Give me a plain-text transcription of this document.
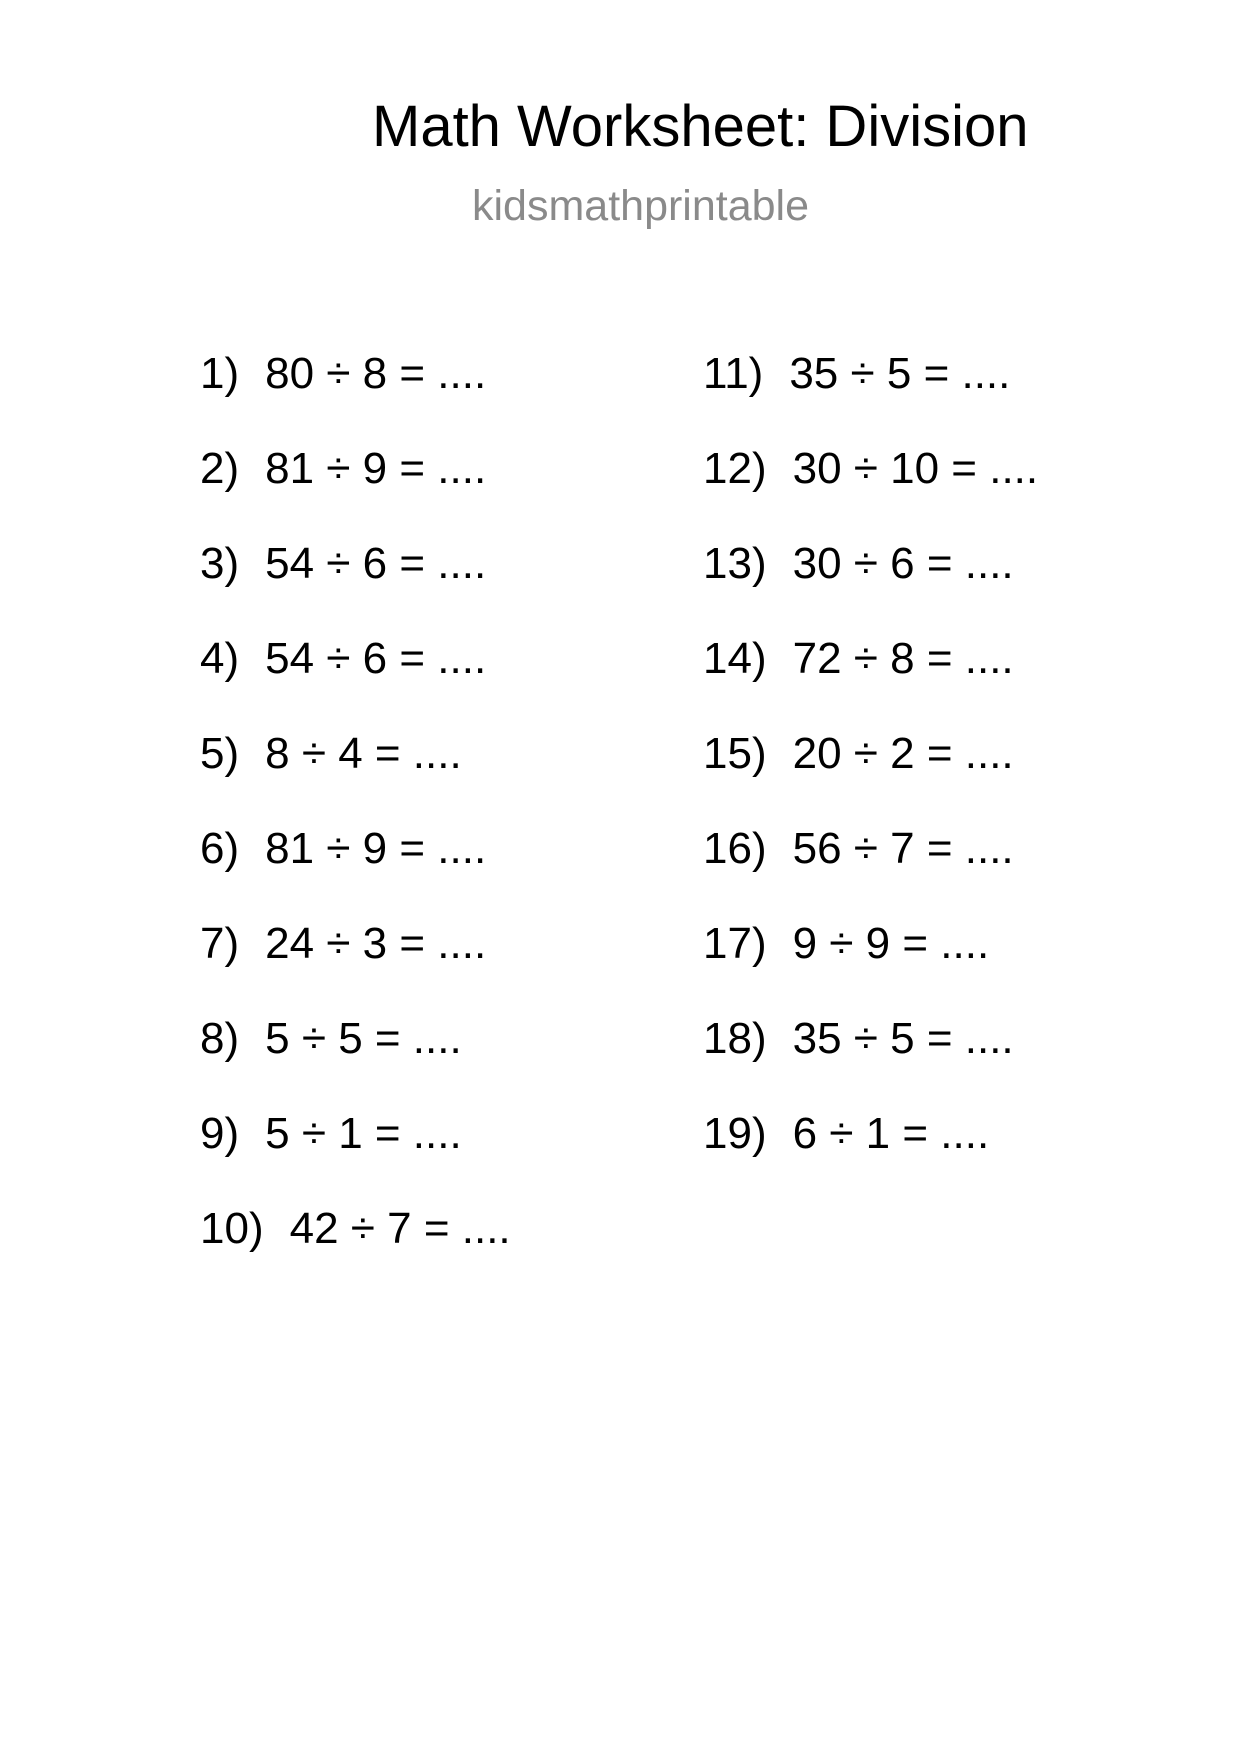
Math Worksheet: Division
kidsmathprintable
1) 80 ÷ 8 = ....
2) 81 ÷ 9 = ....
3) 54 ÷ 6 = ....
4) 54 ÷ 6 = ....
5) 8 ÷ 4 = ....
6) 81 ÷ 9 = ....
7) 24 ÷ 3 = ....
8) 5 ÷ 5 = ....
9) 5 ÷ 1 = ....
10) 42 ÷ 7 = ....
11) 35 ÷ 5 = ....
12) 30 ÷ 10 = ....
13) 30 ÷ 6 = ....
14) 72 ÷ 8 = ....
15) 20 ÷ 2 = ....
16) 56 ÷ 7 = ....
17) 9 ÷ 9 = ....
18) 35 ÷ 5 = ....
19) 6 ÷ 1 = ....
